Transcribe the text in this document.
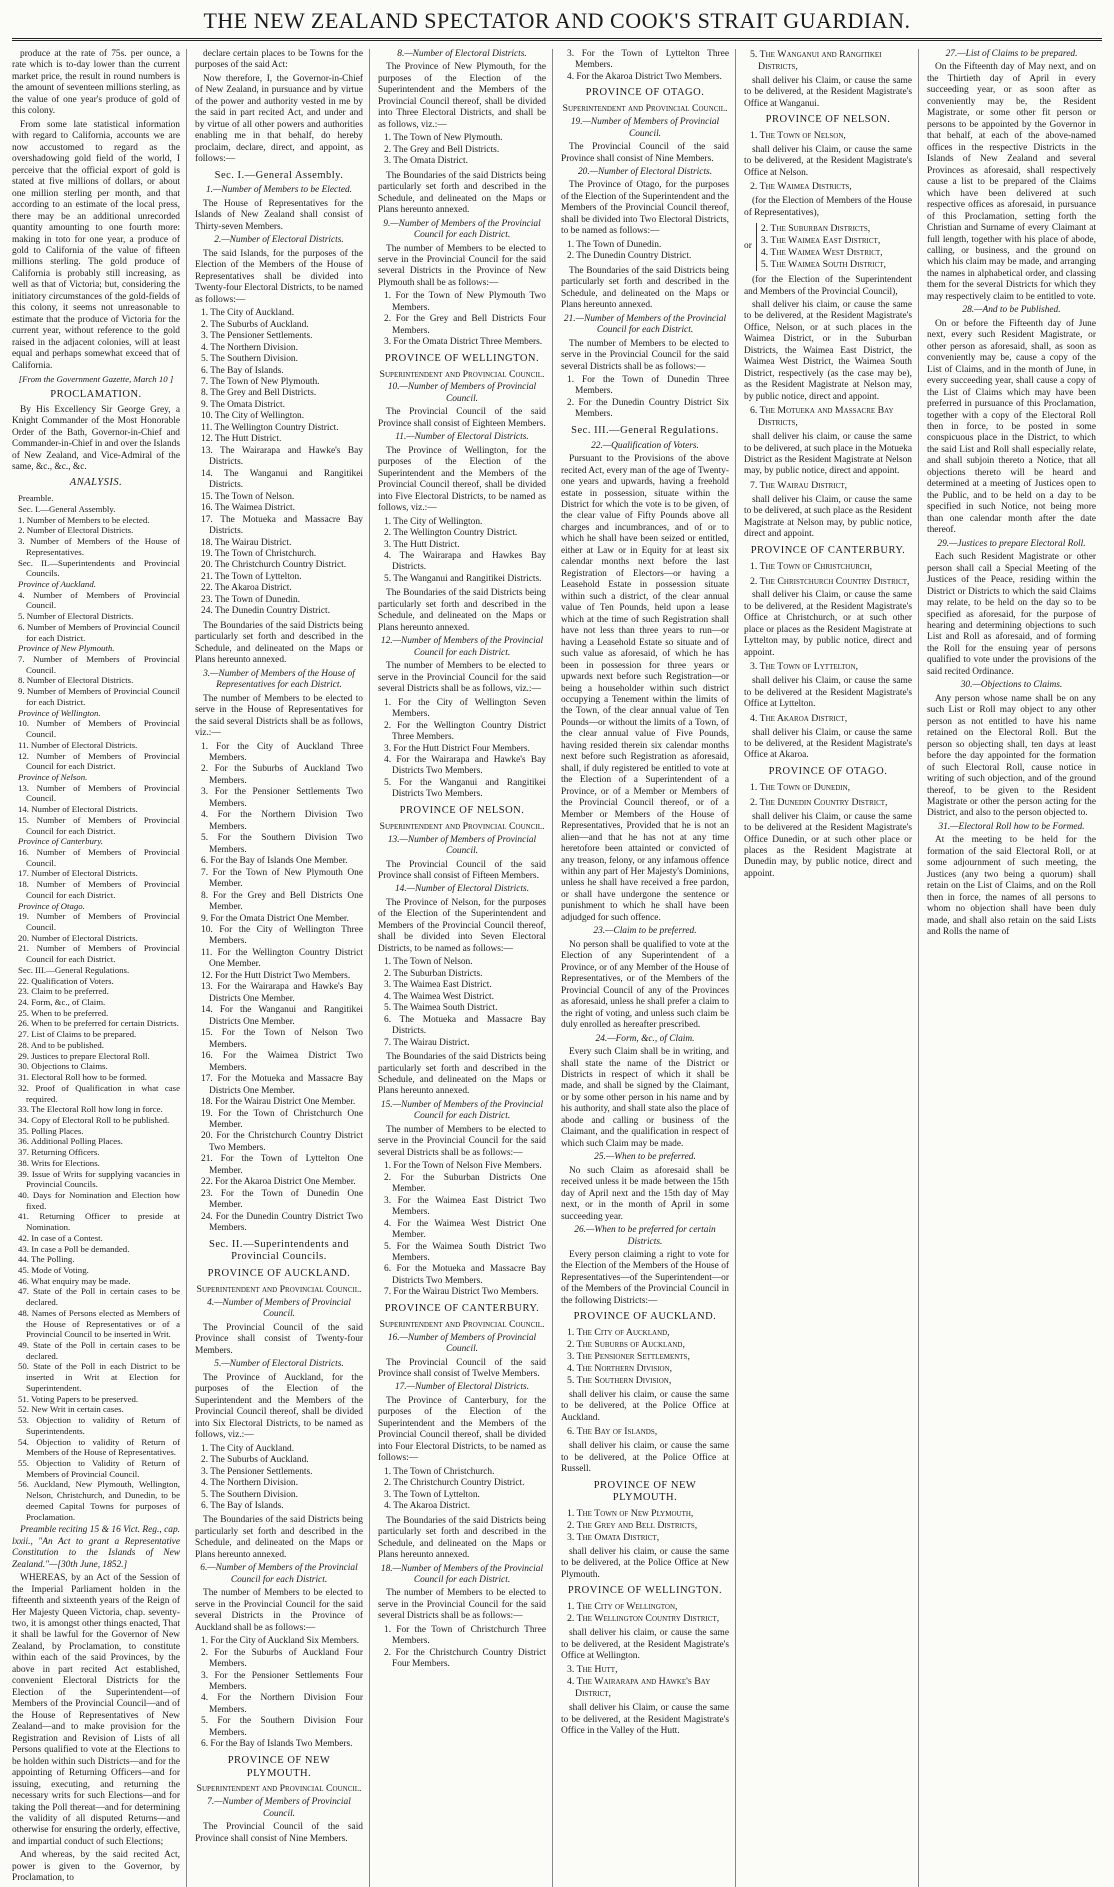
THE NEW ZEALAND SPECTATOR AND COOK'S STRAIT GUARDIAN.

produce at the rate of 75s. per ounce, a rate which is to-day lower than the current market price, the result in round numbers is the amount of seventeen millions sterling, as the value of one year's produce of gold of this colony.

From some late statistical information with regard to California, accounts we are now accustomed to regard as the overshadowing gold field of the world, I perceive that the official export of gold is stated at five millions of dollars, or about one million sterling per month, and that according to an estimate of the local press, there may be an additional unrecorded quantity amounting to one fourth more: making in toto for one year, a produce of gold to California of the value of fifteen millions sterling. The gold produce of California is probably still increasing, as well as that of Victoria; but, considering the initiatory circumstances of the gold-fields of this colony, it seems not unreasonable to estimate that the produce of Victoria for the current year, without reference to the gold raised in the adjacent colonies, will at least equal and perhaps somewhat exceed that of California.

[From the Government Gazette, March 10 ]

PROCLAMATION.

By His Excellency Sir George Grey, a Knight Commander of the Most Honorable Order of the Bath, Governor-in-Chief and Commander-in-Chief in and over the Islands of New Zealand, and Vice-Admiral of the same, &c., &c., &c.

ANALYSIS.
Preamble.
Sec. I.—General Assembly.
1. Number of Members to be elected.
2. Number of Electoral Districts.
3. Number of Members of the House of Representatives.
Sec. II.—Superintendents and Provincial Councils.
Province of Auckland.
4. Number of Members of Provincial Council.
5. Number of Electoral Districts.
6. Number of Members of Provincial Council for each District.
Province of New Plymouth.
7. Number of Members of Provincial Council.
8. Number of Electoral Districts.
9. Number of Members of Provincial Council for each District.
Province of Wellington.
10. Number of Members of Provincial Council.
11. Number of Electoral Districts.
12. Number of Members of Provincial Council for each District.
Province of Nelson.
13. Number of Members of Provincial Council.
14. Number of Electoral Districts.
15. Number of Members of Provincial Council for each District.
Province of Canterbury.
16. Number of Members of Provincial Council.
17. Number of Electoral Districts.
18. Number of Members of Provincial Council for each District.
Province of Otago.
19. Number of Members of Provincial Council.
20. Number of Electoral Districts.
21. Number of Members of Provincial Council for each District.
Sec. III.—General Regulations.
22. Qualification of Voters.
23. Claim to be preferred.
24. Form, &c., of Claim.
25. When to be preferred.
26. When to be preferred for certain Districts.
27. List of Claims to be prepared.
28. And to be published.
29. Justices to prepare Electoral Roll.
30. Objections to Claims.
31. Electoral Roll how to be formed.
32. Proof of Qualification in what case required.
33. The Electoral Roll how long in force.
34. Copy of Electoral Roll to be published.
35. Polling Places.
36. Additional Polling Places.
37. Returning Officers.
38. Writs for Elections.
39. Issue of Writs for supplying vacancies in Provincial Councils.
40. Days for Nomination and Election how fixed.
41. Returning Officer to preside at Nomination.
42. In case of a Contest.
43. In case a Poll be demanded.
44. The Polling.
45. Mode of Voting.
46. What enquiry may be made.
47. State of the Poll in certain cases to be declared.
48. Names of Persons elected as Members of the House of Representatives or of a Provincial Council to be inserted in Writ.
49. State of the Poll in certain cases to be declared.
50. State of the Poll in each District to be inserted in Writ at Election for Superintendent.
51. Voting Papers to be preserved.
52. New Writ in certain cases.
53. Objection to validity of Return of Superintendents.
54. Objection to validity of Return of Members of the House of Representatives.
55. Objection to Validity of Return of Members of Provincial Council.
56. Auckland, New Plymouth, Wellington, Nelson, Christchurch, and Dunedin, to be deemed Capital Towns for purposes of Proclamation.

Preamble reciting 15 & 16 Vict. Reg., cap. lxxii., "An Act to grant a Representative Constitution to the Islands of New Zealand."—[30th June, 1852.]

WHEREAS, by an Act of the Session of the Imperial Parliament holden in the fifteenth and sixteenth years of the Reign of Her Majesty Queen Victoria, chap. seventy-two, it is amongst other things enacted, That it shall be lawful for the Governor of New Zealand, by Proclamation, to constitute within each of the said Provinces, by the above in part recited Act established, convenient Electoral Districts for the Election of the Superintendent—of Members of the Provincial Council—and of the House of Representatives of New Zealand—and to make provision for the Registration and Revision of Lists of all Persons qualified to vote at the Elections to be holden within such Districts—and for the appointing of Returning Officers—and for issuing, executing, and returning the necessary writs for such Elections—and for taking the Poll thereat—and for determining the validity of all disputed Returns—and otherwise for ensuring the orderly, effective, and impartial conduct of such Elections;

And whereas, by the said recited Act, power is given to the Governor, by Proclamation, to

declare certain places to be Towns for the purposes of the said Act:

Now therefore, I, the Governor-in-Chief of New Zealand, in pursuance and by virtue of the power and authority vested in me by the said in part recited Act, and under and by virtue of all other powers and authorities enabling me in that behalf, do hereby proclaim, declare, direct, and appoint, as follows:—

Sec. I.—General Assembly.

1.—Number of Members to be Elected.

The House of Representatives for the Islands of New Zealand shall consist of Thirty-seven Members.

2.—Number of Electoral Districts.

The said Islands, for the purposes of the Election of the Members of the House of Representatives shall be divided into Twenty-four Electoral Districts, to be named as follows:—

1. The City of Auckland.
2. The Suburbs of Auckland.
3. The Pensioner Settlements.
4. The Northern Division.
5. The Southern Division.
6. The Bay of Islands.
7. The Town of New Plymouth.
8. The Grey and Bell Districts.
9. The Omata District.
10. The City of Wellington.
11. The Wellington Country District.
12. The Hutt District.
13. The Wairarapa and Hawke's Bay Districts.
14. The Wanganui and Rangitikei Districts.
15. The Town of Nelson.
16. The Waimea District.
17. The Motueka and Massacre Bay Districts.
18. The Wairau District.
19. The Town of Christchurch.
20. The Christchurch Country District.
21. The Town of Lyttelton.
22. The Akaroa District.
23. The Town of Dunedin.
24. The Dunedin Country District.

The Boundaries of the said Districts being particularly set forth and described in the Schedule, and delineated on the Maps or Plans hereunto annexed.

3.—Number of Members of the House of Representatives for each District.

The number of Members to be elected to serve in the House of Representatives for the said several Districts shall be as follows, viz.:—

1. For the City of Auckland Three Members.
2. For the Suburbs of Auckland Two Members.
3. For the Pensioner Settlements Two Members.
4. For the Northern Division Two Members.
5. For the Southern Division Two Members.
6. For the Bay of Islands One Member.
7. For the Town of New Plymouth One Member.
8. For the Grey and Bell Districts One Member.
9. For the Omata District One Member.
10. For the City of Wellington Three Members.
11. For the Wellington Country District One Member.
12. For the Hutt District Two Members.
13. For the Wairarapa and Hawke's Bay Districts One Member.
14. For the Wanganui and Rangitikei Districts One Member.
15. For the Town of Nelson Two Members.
16. For the Waimea District Two Members.
17. For the Motueka and Massacre Bay Districts One Member.
18. For the Wairau District One Member.
19. For the Town of Christchurch One Member.
20. For the Christchurch Country District Two Members.
21. For the Town of Lyttelton One Member.
22. For the Akaroa District One Member.
23. For the Town of Dunedin One Member.
24. For the Dunedin Country District Two Members.
Sec. II.—Superintendents and Provincial Councils.
PROVINCE OF AUCKLAND.
Superintendent and Provincial Council.

4.—Number of Members of Provincial Council.

The Provincial Council of the said Province shall consist of Twenty-four Members.

5.—Number of Electoral Districts.

The Province of Auckland, for the purposes of the Election of the Superintendent and the Members of the Provincial Council thereof, shall be divided into Six Electoral Districts, to be named as follows, viz.:—

1. The City of Auckland.
2. The Suburbs of Auckland.
3. The Pensioner Settlements.
4. The Northern Division.
5. The Southern Division.
6. The Bay of Islands.

The Boundaries of the said Districts being particularly set forth and described in the Schedule, and delineated on the Maps or Plans hereunto annexed.

6.—Number of Members of the Provincial Council for each District.

The number of Members to be elected to serve in the Provincial Council for the said several Districts in the Province of Auckland shall be as follows:—

1. For the City of Auckland Six Members.
2. For the Suburbs of Auckland Four Members.
3. For the Pensioner Settlements Four Members.
4. For the Northern Division Four Members.
5. For the Southern Division Four Members.
6. For the Bay of Islands Two Members.
PROVINCE OF NEW PLYMOUTH.
Superintendent and Provincial Council.

7.—Number of Members of Provincial Council.

The Provincial Council of the said Province shall consist of Nine Members.

8.—Number of Electoral Districts.

The Province of New Plymouth, for the purposes of the Election of the Superintendent and the Members of the Provincial Council thereof, shall be divided into Three Electoral Districts, and shall be as follows, viz.:—

1. The Town of New Plymouth.
2. The Grey and Bell Districts.
3. The Omata District.

The Boundaries of the said Districts being particularly set forth and described in the Schedule, and delineated on the Maps or Plans hereunto annexed.

9.—Number of Members of the Provincial Council for each District.

The number of Members to be elected to serve in the Provincial Council for the said several Districts in the Province of New Plymouth shall be as follows:—

1. For the Town of New Plymouth Two Members.
2. For the Grey and Bell Districts Four Members.
3. For the Omata District Three Members.
PROVINCE OF WELLINGTON.
Superintendent and Provincial Council.

10.—Number of Members of Provincial Council.

The Provincial Council of the said Province shall consist of Eighteen Members.

11.—Number of Electoral Districts.

The Province of Wellington, for the purposes of the Election of the Superintendent and the Members of the Provincial Council thereof, shall be divided into Five Electoral Districts, to be named as follows, viz.:—

1. The City of Wellington.
2. The Wellington Country District.
3. The Hutt District.
4. The Wairarapa and Hawkes Bay Districts.
5. The Wanganui and Rangitikei Districts.

The Boundaries of the said Districts being particularly set forth and described in the Schedule, and delineated on the Maps or Plans hereunto annexed.

12.—Number of Members of the Provincial Council for each District.

The number of Members to be elected to serve in the Provincial Council for the said several Districts shall be as follows, viz.:—

1. For the City of Wellington Seven Members.
2. For the Wellington Country District Three Members.
3. For the Hutt District Four Members.
4. For the Wairarapa and Hawke's Bay Districts Two Members.
5. For the Wanganui and Rangitikei Districts Two Members.
PROVINCE OF NELSON.
Superintendent and Provincial Council.

13.—Number of Members of Provincial Council.

The Provincial Council of the said Province shall consist of Fifteen Members.

14.—Number of Electoral Districts.

The Province of Nelson, for the purposes of the Election of the Superintendent and Members of the Provincial Council thereof, shall be divided into Seven Electoral Districts, to be named as follows:—

1. The Town of Nelson.
2. The Suburban Districts.
3. The Waimea East District.
4. The Waimea West District.
5. The Waimea South District.
6. The Motueka and Massacre Bay Districts.
7. The Wairau District.

The Boundaries of the said Districts being particularly set forth and described in the Schedule, and delineated on the Maps or Plans hereunto annexed.

15.—Number of Members of the Provincial Council for each District.

The number of Members to be elected to serve in the Provincial Council for the said several Districts shall be as follows:—

1. For the Town of Nelson Five Members.
2. For the Suburban Districts One Member.
3. For the Waimea East District Two Members.
4. For the Waimea West District One Member.
5. For the Waimea South District Two Members.
6. For the Motueka and Massacre Bay Districts Two Members.
7. For the Wairau District Two Members.
PROVINCE OF CANTERBURY.
Superintendent and Provincial Council.

16.—Number of Members of Provincial Council.

The Provincial Council of the said Province shall consist of Twelve Members.

17.—Number of Electoral Districts.

The Province of Canterbury, for the purposes of the Election of the Superintendent and the Members of the Provincial Council thereof, shall be divided into Four Electoral Districts, to be named as follows:—

1. The Town of Christchurch.
2. The Christchurch Country District.
3. The Town of Lyttelton.
4. The Akaroa District.

The Boundaries of the said Districts being particularly set forth and described in the Schedule, and delineated on the Maps or Plans hereunto annexed.

18.—Number of Members of the Provincial Council for each District.

The number of Members to be elected to serve in the Provincial Council for the said several Districts shall be as follows:—

1. For the Town of Christchurch Three Members.
2. For the Christchurch Country District Four Members.
3. For the Town of Lyttelton Three Members.
4. For the Akaroa District Two Members.
PROVINCE OF OTAGO.
Superintendent and Provincial Council.

19.—Number of Members of Provincial Council.

The Provincial Council of the said Province shall consist of Nine Members.

20.—Number of Electoral Districts.

The Province of Otago, for the purposes of the Election of the Superintendent and the Members of the Provincial Council thereof, shall be divided into Two Electoral Districts, to be named as follows:—

1. The Town of Dunedin.
2. The Dunedin Country District.

The Boundaries of the said Districts being particularly set forth and described in the Schedule, and delineated on the Maps or Plans hereunto annexed.

21.—Number of Members of the Provincial Council for each District.

The number of Members to be elected to serve in the Provincial Council for the said several Districts shall be as follows:—

1. For the Town of Dunedin Three Members.
2. For the Dunedin Country District Six Members.
Sec. III.—General Regulations.

22.—Qualification of Voters.

Pursuant to the Provisions of the above recited Act, every man of the age of Twenty-one years and upwards, having a freehold estate in possession, situate within the District for which the vote is to be given, of the clear value of Fifty Pounds above all charges and incumbrances, and of or to which he shall have been seized or entitled, either at Law or in Equity for at least six calendar months next before the last Registration of Electors—or having a Leasehold Estate in possession situate within such a district, of the clear annual value of Ten Pounds, held upon a lease which at the time of such Registration shall have not less than three years to run—or having a Leasehold Estate so situate and of such value as aforesaid, of which he has been in possession for three years or upwards next before such Registration—or being a householder within such district occupying a Tenement within the limits of the Town, of the clear annual value of Ten Pounds—or without the limits of a Town, of the clear annual value of Five Pounds, having resided therein six calendar months next before such Registration as aforesaid, shall, if duly registered be entitled to vote at the Election of a Superintendent of a Province, or of a Member or Members of the Provincial Council thereof, or of a Member or Members of the House of Representatives, Provided that he is not an alien—and that he has not at any time heretofore been attainted or convicted of any treason, felony, or any infamous offence within any part of Her Majesty's Dominions, unless he shall have received a free pardon, or shall have undergone the sentence or punishment to which he shall have been adjudged for such offence.

23.—Claim to be preferred.

No person shall be qualified to vote at the Election of any Superintendent of a Province, or of any Member of the House of Representatives, or of the Members of the Provincial Council of any of the Provinces as aforesaid, unless he shall prefer a claim to the right of voting, and unless such claim be duly enrolled as hereafter prescribed.

24.—Form, &c., of Claim.

Every such Claim shall be in writing, and shall state the name of the District or Districts in respect of which it shall be made, and shall be signed by the Claimant, or by some other person in his name and by his authority, and shall state also the place of abode and calling or business of the Claimant, and the qualification in respect of which such Claim may be made.

25.—When to be preferred.

No such Claim as aforesaid shall be received unless it be made between the 15th day of April next and the 15th day of May next, or in the month of April in some succeeding year.

26.—When to be preferred for certain Districts.

Every person claiming a right to vote for the Election of the Members of the House of Representatives—of the Superintendent—or of the Members of the Provincial Council in the following Districts:—

PROVINCE OF AUCKLAND.
1. The City of Auckland,
2. The Suburbs of Auckland,
3. The Pensioner Settlements,
4. The Northern Division,
5. The Southern Division,

shall deliver his claim, or cause the same to be delivered, at the Police Office at Auckland.

6. The Bay of Islands,

shall deliver his claim, or cause the same to be delivered, at the Police Office at Russell.

PROVINCE OF NEW PLYMOUTH.
1. The Town of New Plymouth,
2. The Grey and Bell Districts,
3. The Omata District,

shall deliver his claim, or cause the same to be delivered, at the Police Office at New Plymouth.

PROVINCE OF WELLINGTON.
1. The City of Wellington,
2. The Wellington Country District,

shall deliver his claim, or cause the same to be delivered, at the Resident Magistrate's Office at Wellington.

3. The Hutt,
4. The Wairarapa and Hawke's Bay District,

shall deliver his Claim, or cause the same to be delivered, at the Resident Magistrate's Office in the Valley of the Hutt.

5. The Wanganui and Rangitikei Districts,

shall deliver his Claim, or cause the same to be delivered, at the Resident Magistrate's Office at Wanganui.

PROVINCE OF NELSON.
1. The Town of Nelson,

shall deliver his Claim, or cause the same to be delivered, at the Resident Magistrate's Office at Nelson.

2. The Waimea Districts,

(for the Election of Members of the House of Representatives),

or
2. The Suburban Districts,
3. The Waimea East District,
4. The Waimea West District,
5. The Waimea South District,

(for the Election of the Superintendent and Members of the Provincial Council),

shall deliver his claim, or cause the same to be delivered, at the Resident Magistrate's Office, Nelson, or at such places in the Waimea District, or in the Suburban Districts, the Waimea East District, the Waimea West District, the Waimea South District, respectively (as the case may be), as the Resident Magistrate at Nelson may, by public notice, direct and appoint.

6. The Motueka and Massacre Bay Districts,

shall deliver his claim, or cause the same to be delivered, at such place in the Motueka District as the Resident Magistrate at Nelson may, by public notice, direct and appoint.

7. The Wairau District,

shall deliver his Claim, or cause the same to be delivered, at such place as the Resident Magistrate at Nelson may, by public notice, direct and appoint.

PROVINCE OF CANTERBURY.
1. The Town of Christchurch,
2. The Christchurch Country District,

shall deliver his Claim, or cause the same to be delivered, at the Resident Magistrate's Office at Christchurch, or at such other place or places as the Resident Magistrate at Lyttelton may, by public notice, direct and appoint.

3. The Town of Lyttelton,

shall deliver his Claim, or cause the same to be delivered at the Resident Magistrate's Office at Lyttelton.

4. The Akaroa District,

shall deliver his Claim, or cause the same to be delivered, at the Resident Magistrate's Office at Akaroa.

PROVINCE OF OTAGO.
1. The Town of Dunedin,
2. The Dunedin Country District,

shall deliver his Claim, or cause the same to be delivered at the Resident Magistrate's Office Dunedin, or at such other place or places as the Resident Magistrate at Dunedin may, by public notice, direct and appoint.

27.—List of Claims to be prepared.

On the Fifteenth day of May next, and on the Thirtieth day of April in every succeeding year, or as soon after as conveniently may be, the Resident Magistrate, or some other fit person or persons to be appointed by the Governor in that behalf, at each of the above-named offices in the respective Districts in the Islands of New Zealand and several Provinces as aforesaid, shall respectively cause a list to be prepared of the Claims which have been delivered at such respective offices as aforesaid, in pursuance of this Proclamation, setting forth the Christian and Surname of every Claimant at full length, together with his place of abode, calling, or business, and the ground on which his claim may be made, and arranging the names in alphabetical order, and classing them for the several Districts for which they may respectively claim to be entitled to vote.

28.—And to be Published.

On or before the Fifteenth day of June next, every such Resident Magistrate, or other person as aforesaid, shall, as soon as conveniently may be, cause a copy of the List of Claims, and in the month of June, in every succeeding year, shall cause a copy of the List of Claims which may have been preferred in pursuance of this Proclamation, together with a copy of the Electoral Roll then in force, to be posted in some conspicuous place in the District, to which the said List and Roll shall especially relate, and shall subjoin thereto a Notice, that all objections thereto will be heard and determined at a meeting of Justices open to the Public, and to be held on a day to be specified in such Notice, not being more than one calendar month after the date thereof.

29.—Justices to prepare Electoral Roll.

Each such Resident Magistrate or other person shall call a Special Meeting of the Justices of the Peace, residing within the District or Districts to which the said Claims may relate, to be held on the day so to be specified as aforesaid, for the purpose of hearing and determining objections to such List and Roll as aforesaid, and of forming the Roll for the ensuing year of persons qualified to vote under the provisions of the said recited Ordinance.

30.—Objections to Claims.

Any person whose name shall be on any such List or Roll may object to any other person as not entitled to have his name retained on the Electoral Roll. But the person so objecting shall, ten days at least before the day appointed for the formation of such Electoral Roll, cause notice in writing of such objection, and of the ground thereof, to be given to the Resident Magistrate or other the person acting for the District, and also to the person objected to.

31.—Electoral Roll how to be Formed.

At the meeting to be held for the formation of the said Electoral Roll, or at some adjournment of such meeting, the Justices (any two being a quorum) shall retain on the List of Claims, and on the Roll then in force, the names of all persons to whom no objection shall have been duly made, and shall also retain on the said Lists and Rolls the name of
